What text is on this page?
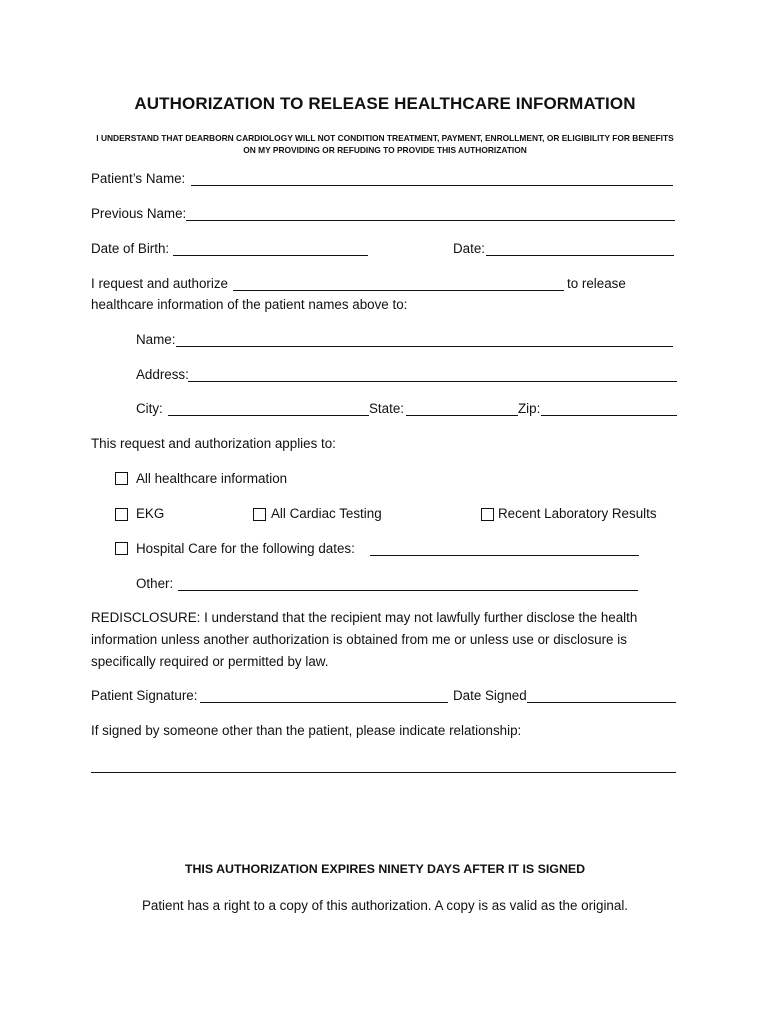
AUTHORIZATION TO RELEASE HEALTHCARE INFORMATION
I UNDERSTAND THAT DEARBORN CARDIOLOGY WILL NOT CONDITION TREATMENT, PAYMENT, ENROLLMENT, OR ELIGIBILITY FOR BENEFITS
ON MY PROVIDING OR REFUDING TO PROVIDE THIS AUTHORIZATION
Patient’s Name:
Previous Name:
Date of Birth:	Date:
I request and authorize	to release
healthcare information of the patient names above to:
Name:
Address:
City:	State:	Zip:
This request and authorization applies to:
All healthcare information
EKG	All Cardiac Testing	Recent Laboratory Results
Hospital Care for the following dates:
Other:
REDISCLOSURE: I understand that the recipient may not lawfully further disclose the health information unless another authorization is obtained from me or unless use or disclosure is specifically required or permitted by law.
Patient Signature:	Date Signed
If signed by someone other than the patient, please indicate relationship:
THIS AUTHORIZATION EXPIRES NINETY DAYS AFTER IT IS SIGNED
Patient has a right to a copy of this authorization. A copy is as valid as the original.
